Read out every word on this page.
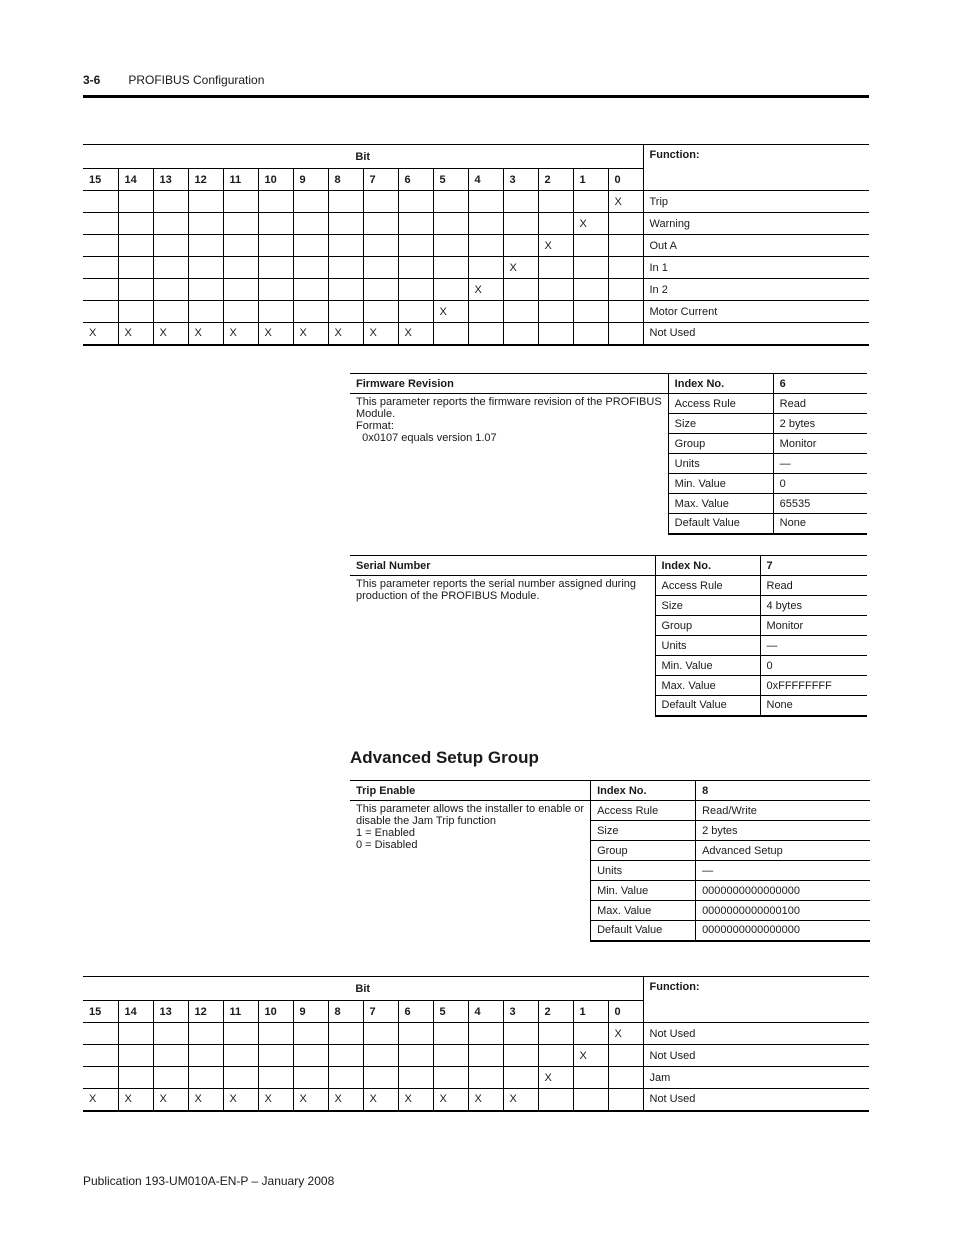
3-6 PROFIBUS Configuration
Bit																Function:
15	14	13	12	11	10	9	8	7	6	5	4	3	2	1	0	
															X	Trip
														X		Warning
													X			Out A
												X				In 1
											X					In 2
										X						Motor Current
X	X	X	X	X	X	X	X	X	X							Not Used
Firmware Revision	Index No.	6

This parameter reports the firmware revision of the PROFIBUS
Module.
Format:
0x0107 equals version 1.07	Access Rule	Read
	Size	2 bytes
	Group	Monitor
	Units	—
	Min. Value	0
	Max. Value	65535
	Default Value	None
Serial Number	Index No.	7

This parameter reports the serial number assigned during
production of the PROFIBUS Module.	Access Rule	Read
	Size	4 bytes
	Group	Monitor
	Units	—
	Min. Value	0
	Max. Value	0xFFFFFFFF
	Default Value	None
Advanced Setup Group
Trip Enable	Index No.	8

This parameter allows the installer to enable or
disable the Jam Trip function
1 = Enabled
0 = Disabled	Access Rule	Read/Write
	Size	2 bytes
	Group	Advanced Setup
	Units	—
	Min. Value	0000000000000000
	Max. Value	0000000000000100
	Default Value	0000000000000000
Bit																Function:
15	14	13	12	11	10	9	8	7	6	5	4	3	2	1	0	
															X	Not Used
														X		Not Used
													X			Jam
X	X	X	X	X	X	X	X	X	X	X	X	X				Not Used
Publication 193-UM010A-EN-P – January 2008
